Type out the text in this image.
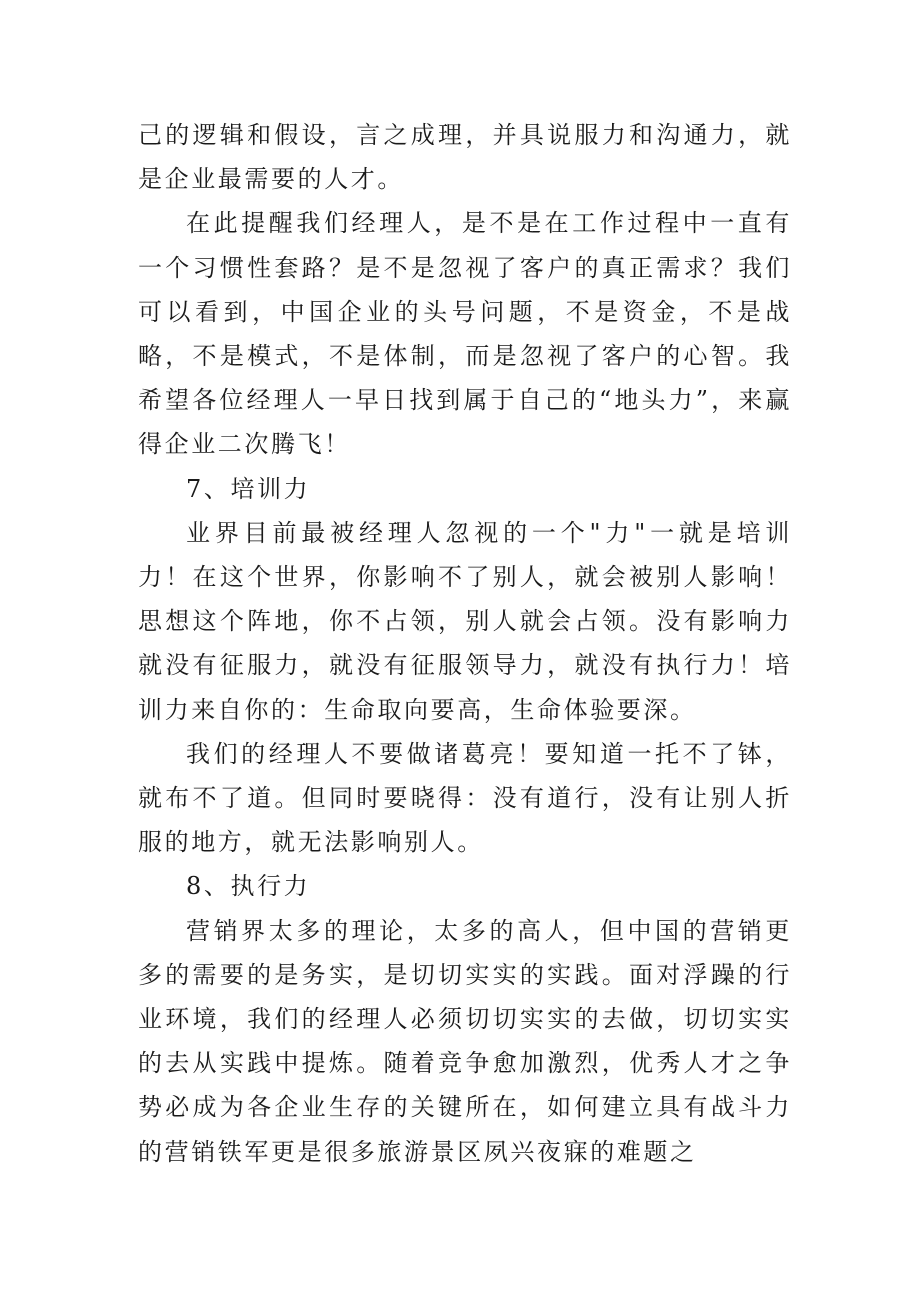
己的逻辑和假设，言之成理，并具说服力和沟通力，就是企业最需要的人才。

在此提醒我们经理人，是不是在工作过程中一直有一个习惯性套路？是不是忽视了客户的真正需求？我们可以看到，中国企业的头号问题，不是资金，不是战略，不是模式，不是体制，而是忽视了客户的心智。我希望各位经理人一早日找到属于自己的“地头力”，来赢得企业二次腾飞！

7、培训力

业界目前最被经理人忽视的一个"力"一就是培训力！在这个世界，你影响不了别人，就会被别人影响！思想这个阵地，你不占领，别人就会占领。没有影响力就没有征服力，就没有征服领导力，就没有执行力！培训力来自你的：生命取向要高，生命体验要深。

我们的经理人不要做诸葛亮！要知道一托不了钵，就布不了道。但同时要晓得：没有道行，没有让别人折服的地方，就无法影响别人。

8、执行力

营销界太多的理论，太多的高人，但中国的营销更多的需要的是务实，是切切实实的实践。面对浮躁的行业环境，我们的经理人必须切切实实的去做，切切实实的去从实践中提炼。随着竞争愈加激烈，优秀人才之争势必成为各企业生存的关键所在，如何建立具有战斗力的营销铁军更是很多旅游景区夙兴夜寐的难题之
